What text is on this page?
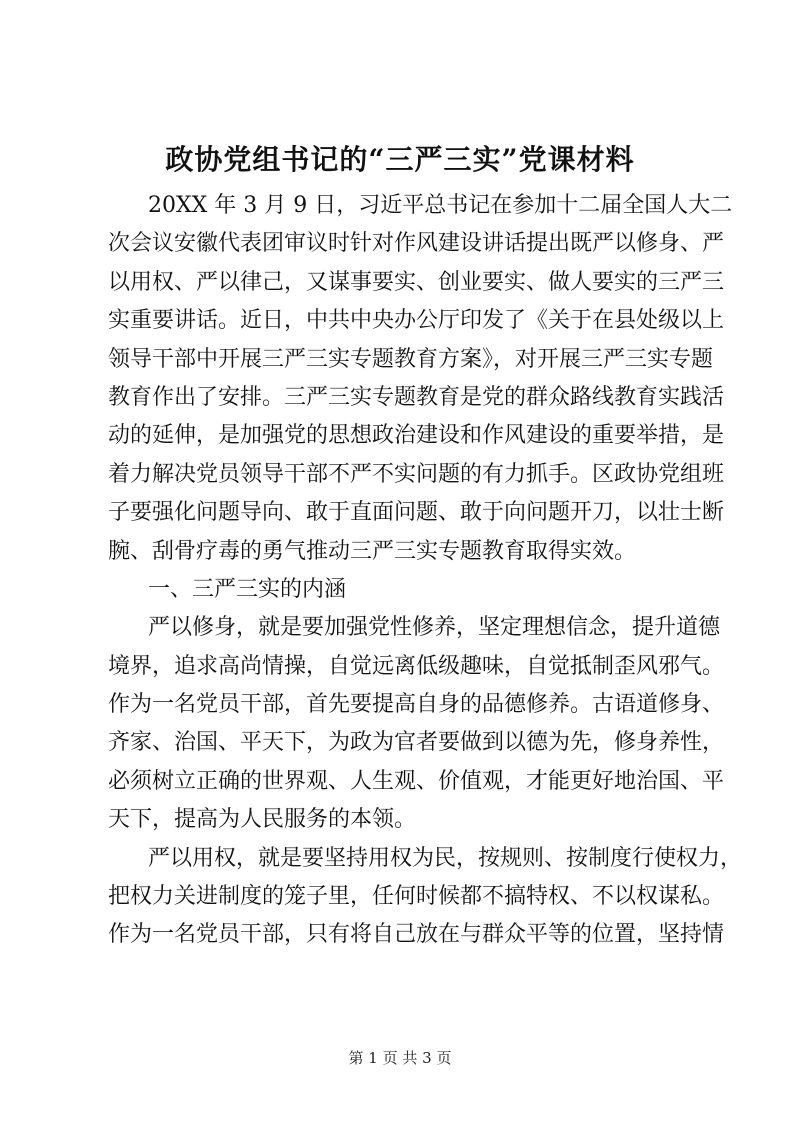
政协党组书记的“三严三实”党课材料
20XX 年 3 月 9 日，习近平总书记在参加十二届全国人大二
次会议安徽代表团审议时针对作风建设讲话提出既严以修身、严
以用权、严以律己，又谋事要实、创业要实、做人要实的三严三
实重要讲话。近日，中共中央办公厅印发了《关于在县处级以上
领导干部中开展三严三实专题教育方案》，对开展三严三实专题
教育作出了安排。三严三实专题教育是党的群众路线教育实践活
动的延伸，是加强党的思想政治建设和作风建设的重要举措，是
着力解决党员领导干部不严不实问题的有力抓手。区政协党组班
子要强化问题导向、敢于直面问题、敢于向问题开刀，以壮士断
腕、刮骨疗毒的勇气推动三严三实专题教育取得实效。
一、三严三实的内涵
严以修身，就是要加强党性修养，坚定理想信念，提升道德
境界，追求高尚情操，自觉远离低级趣味，自觉抵制歪风邪气。
作为一名党员干部，首先要提高自身的品德修养。古语道修身、
齐家、治国、平天下，为政为官者要做到以德为先，修身养性，
必须树立正确的世界观、人生观、价值观，才能更好地治国、平
天下，提高为人民服务的本领。
严以用权，就是要坚持用权为民，按规则、按制度行使权力，
把权力关进制度的笼子里，任何时候都不搞特权、不以权谋私。
作为一名党员干部，只有将自己放在与群众平等的位置，坚持情
第 1 页 共 3 页
